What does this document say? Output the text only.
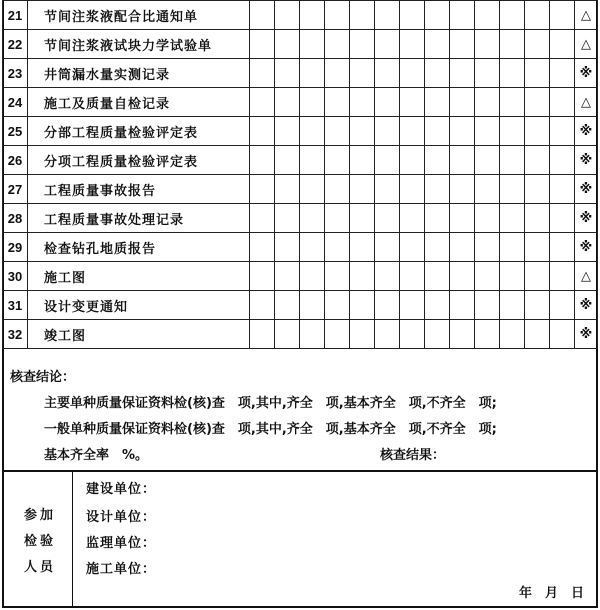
21	节间注浆液配合比通知单														△
22	节间注浆液试块力学试验单														△
23	井筒漏水量实测记录														※
24	施工及质量自检记录														△
25	分部工程质量检验评定表														※
26	分项工程质量检验评定表														※
27	工程质量事故报告														※
28	工程质量事故处理记录														※
29	检查钻孔地质报告														※
30	施工图														△
31	设计变更通知														※
32	竣工图														※
核查结论：
主要单种质量保证资料检(核)查　项,其中,齐全　项,基本齐全　项,不齐全　项;
一般单种质量保证资料检(核)查　项,其中,齐全　项,基本齐全　项,不齐全　项;
基本齐全率　%。	核查结果：
参加
检验
人员
建设单位：
设计单位：
监理单位：
施工单位：
年　月　日
